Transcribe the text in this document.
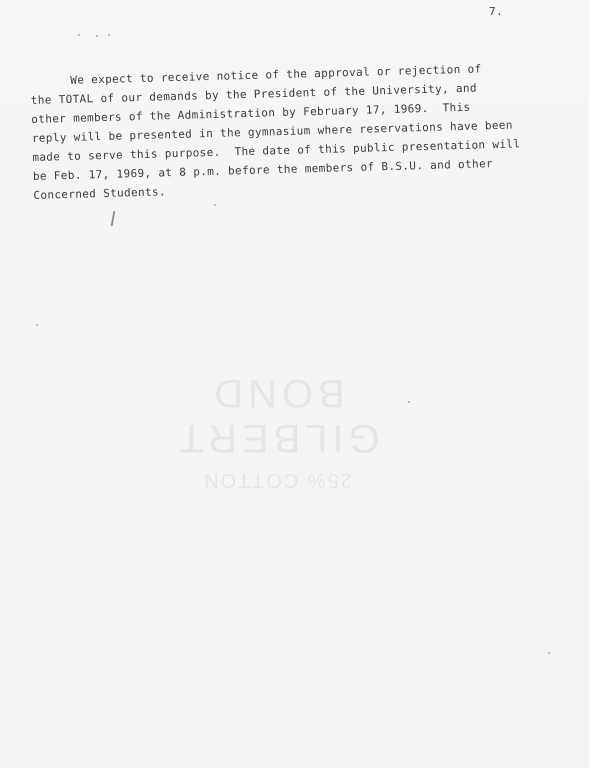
7.
We expect to receive notice of the approval or rejection of
the TOTAL of our demands by the President of the University, and
other members of the Administration by February 17, 1969.  This
reply will be presented in the gymnasium where reservations have been
made to serve this purpose.  The date of this public presentation will
be Feb. 17, 1969, at 8 p.m. before the members of B.S.U. and other
Concerned Students.
25% COTTON
GILBERT BOND
